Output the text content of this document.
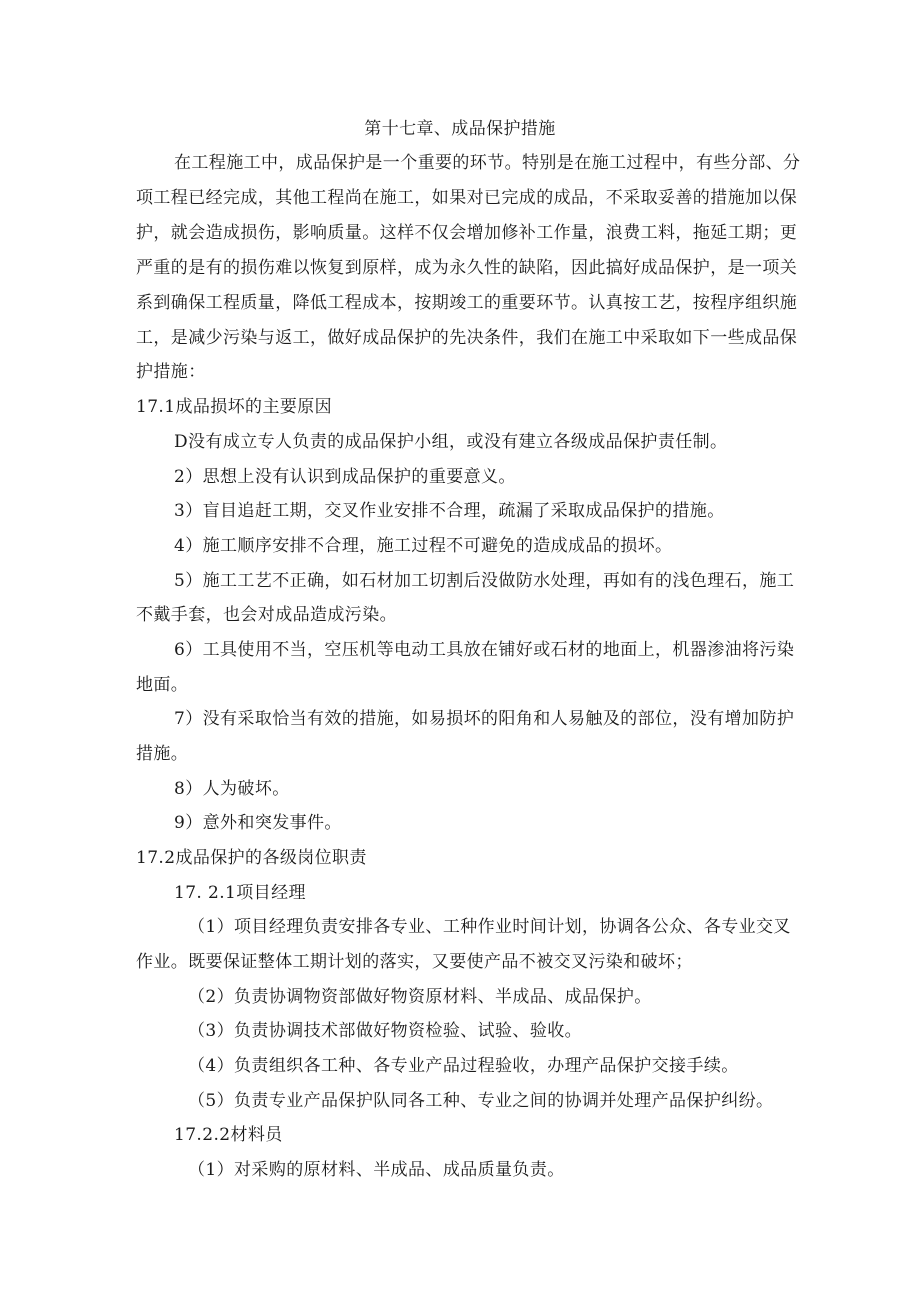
第十七章、成品保护措施
在工程施工中，成品保护是一个重要的环节。特别是在施工过程中，有些分部、分
项工程已经完成，其他工程尚在施工，如果对已完成的成品，不采取妥善的措施加以保
护，就会造成损伤，影响质量。这样不仅会增加修补工作量，浪费工料，拖延工期；更
严重的是有的损伤难以恢复到原样，成为永久性的缺陷，因此搞好成品保护，是一项关
系到确保工程质量，降低工程成本，按期竣工的重要环节。认真按工艺，按程序组织施
工，是减少污染与返工，做好成品保护的先决条件，我们在施工中采取如下一些成品保
护措施：
17.1成品损坏的主要原因
D没有成立专人负责的成品保护小组，或没有建立各级成品保护责任制。
2）思想上没有认识到成品保护的重要意义。
3）盲目追赶工期，交叉作业安排不合理，疏漏了采取成品保护的措施。
4）施工顺序安排不合理，施工过程不可避免的造成成品的损坏。
5）施工工艺不正确，如石材加工切割后没做防水处理，再如有的浅色理石，施工
不戴手套，也会对成品造成污染。
6）工具使用不当，空压机等电动工具放在铺好或石材的地面上，机器渗油将污染
地面。
7）没有采取恰当有效的措施，如易损坏的阳角和人易触及的部位，没有增加防护
措施。
8）人为破坏。
9）意外和突发事件。
17.2成品保护的各级岗位职责
17. 2.1项目经理
（1）项目经理负责安排各专业、工种作业时间计划，协调各公众、各专业交叉
作业。既要保证整体工期计划的落实，又要使产品不被交叉污染和破坏；
（2）负责协调物资部做好物资原材料、半成品、成品保护。
（3）负责协调技术部做好物资检验、试验、验收。
（4）负责组织各工种、各专业产品过程验收，办理产品保护交接手续。
（5）负责专业产品保护队同各工种、专业之间的协调并处理产品保护纠纷。
17.2.2材料员
（1）对采购的原材料、半成品、成品质量负责。
